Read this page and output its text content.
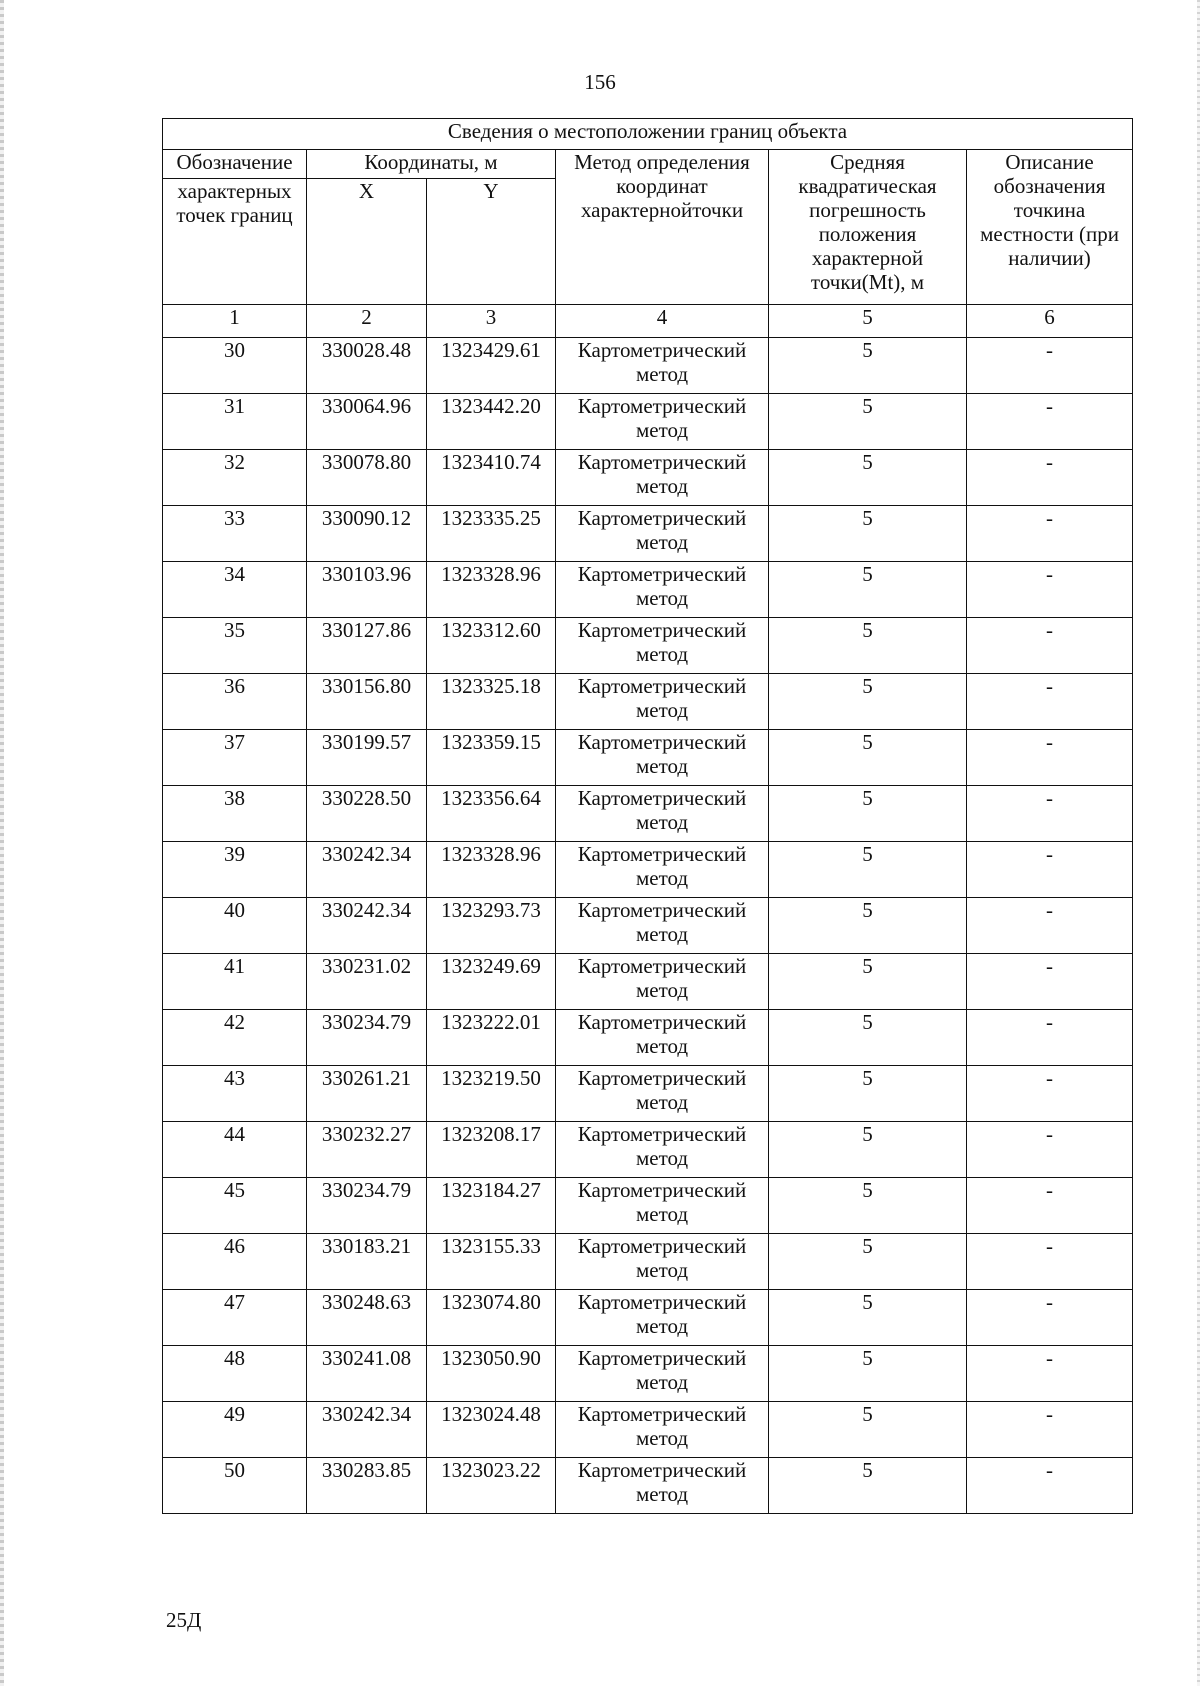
156
Сведения о местоположении границ объекта					
Обозначение	Координаты, м		Метод определения координат характернойточки	Средняя квадратическая погрешность положения характерной точки(Mt), м	Описание обозначения точкина местности (при наличии)
характерных точек границ	X	Y			
1	2	3	4	5	6
30	330028.48	1323429.61	Картометрический метод	5	-
31	330064.96	1323442.20	Картометрический метод	5	-
32	330078.80	1323410.74	Картометрический метод	5	-
33	330090.12	1323335.25	Картометрический метод	5	-
34	330103.96	1323328.96	Картометрический метод	5	-
35	330127.86	1323312.60	Картометрический метод	5	-
36	330156.80	1323325.18	Картометрический метод	5	-
37	330199.57	1323359.15	Картометрический метод	5	-
38	330228.50	1323356.64	Картометрический метод	5	-
39	330242.34	1323328.96	Картометрический метод	5	-
40	330242.34	1323293.73	Картометрический метод	5	-
41	330231.02	1323249.69	Картометрический метод	5	-
42	330234.79	1323222.01	Картометрический метод	5	-
43	330261.21	1323219.50	Картометрический метод	5	-
44	330232.27	1323208.17	Картометрический метод	5	-
45	330234.79	1323184.27	Картометрический метод	5	-
46	330183.21	1323155.33	Картометрический метод	5	-
47	330248.63	1323074.80	Картометрический метод	5	-
48	330241.08	1323050.90	Картометрический метод	5	-
49	330242.34	1323024.48	Картометрический метод	5	-
50	330283.85	1323023.22	Картометрический метод	5	-
25Д
